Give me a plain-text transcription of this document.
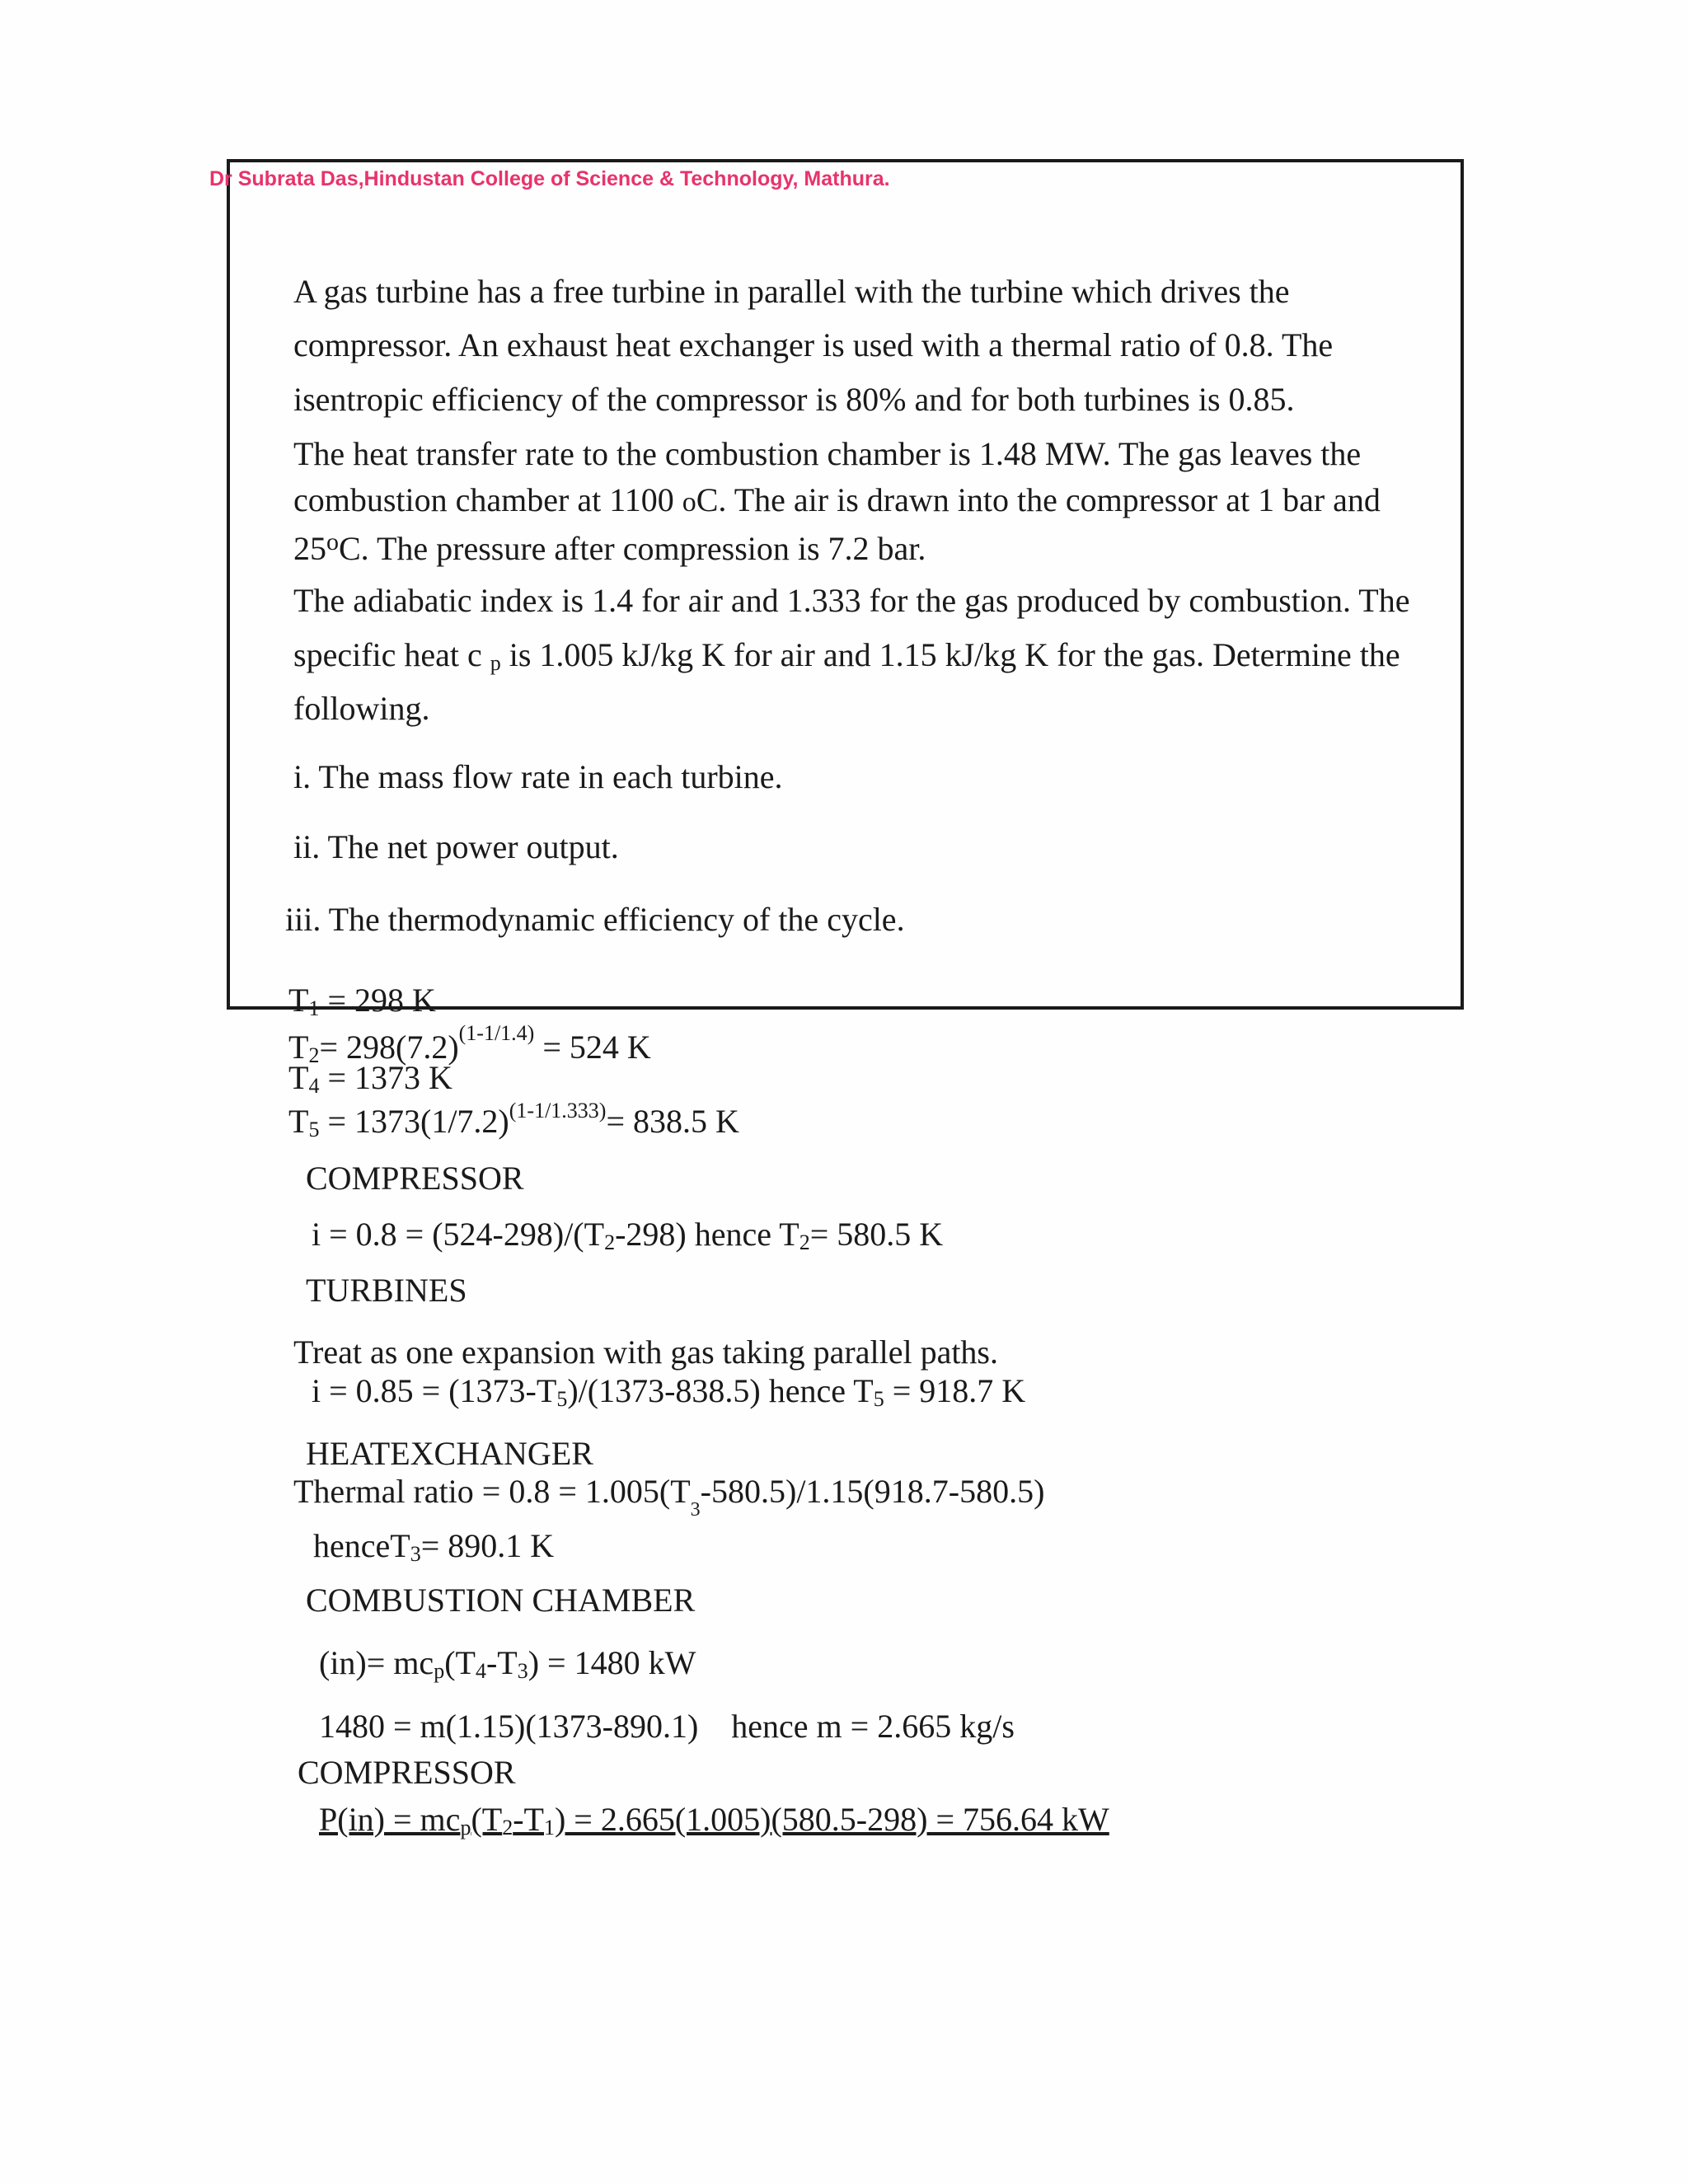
Dr Subrata Das,Hindustan College of Science & Technology, Mathura.
A gas turbine has a free turbine in parallel with the turbine which drives the
compressor. An exhaust heat exchanger is used with a thermal ratio of 0.8. The
isentropic efficiency of the compressor is 80% and for both turbines is 0.85.
The heat transfer rate to the combustion chamber is 1.48 MW. The gas leaves the
combustion chamber at 1100 oC. The air is drawn into the compressor at 1 bar and
25$^o$C. The pressure after compression is 7.2 bar.
The adiabatic index is 1.4 for air and 1.333 for the gas produced by combustion. The
specific heat c p is 1.005 kJ/kg K for air and 1.15 kJ/kg K for the gas. Determine the
following.
i. The mass flow rate in each turbine.
ii. The net power output.
iii. The thermodynamic efficiency of the cycle.
T1 = 298 K
$T2= 298(7.2)^{(1-1/1.4)} = 524$ K
T4 = 1373 K
$T5 = 1373(1/7.2)^{(1-1/1.333)}= 838.5$ K
COMPRESSOR
i = 0.8 = (524-298)/(T2-298) hence T2= 580.5 K
TURBINES
Treat as one expansion with gas taking parallel paths.
i = 0.85 = (1373-T5)/(1373-838.5) hence T5 = 918.7 K
HEATEXCHANGER
Thermal ratio = $0.8 = 1.005(T_3-580.5)/1.15(918.7-580.5)$
henceT3= 890.1 K
COMBUSTION CHAMBER
(in)= mcp(T4-T3) = 1480 kW
1480 = m(1.15)(1373-890.1)    hence m = 2.665 kg/s
COMPRESSOR
P(in) = mcp(T2-T1) = 2.665(1.005)(580.5-298) = 756.64 kW
